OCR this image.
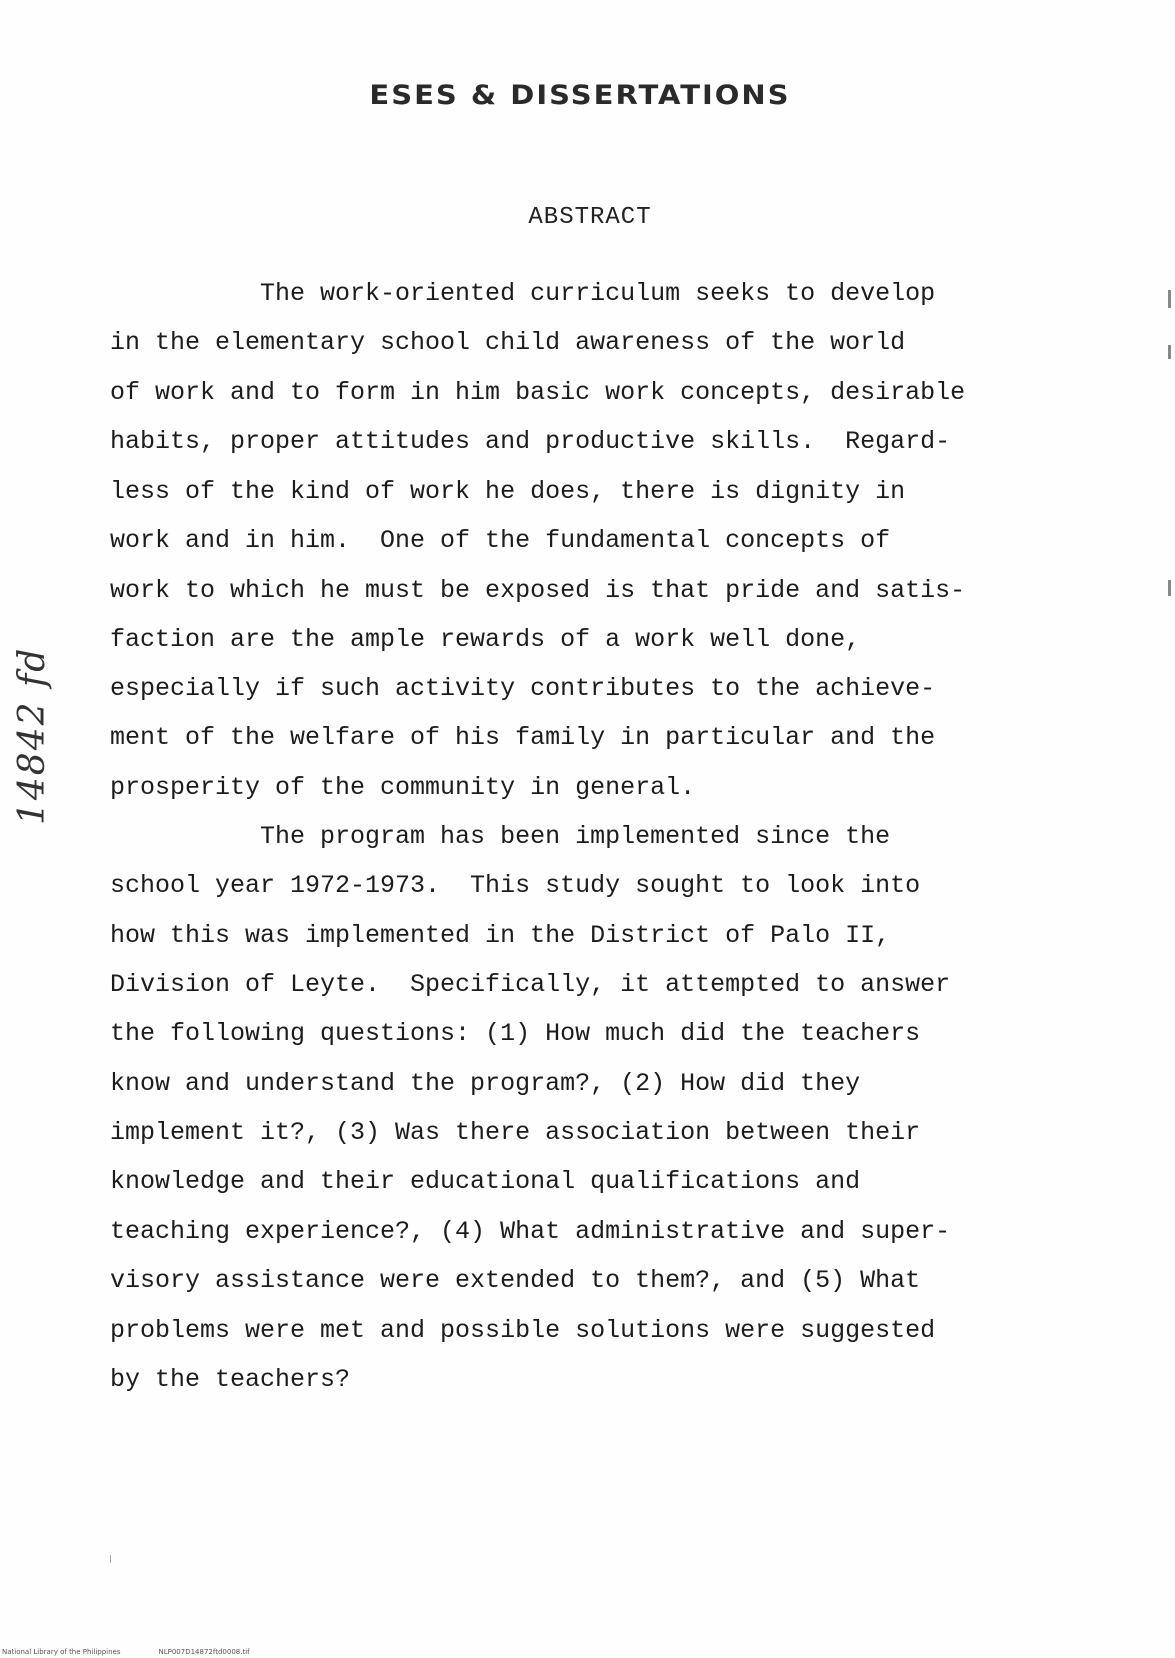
ESES & DISSERTATIONS
ABSTRACT
The work-oriented curriculum seeks to develop
in the elementary school child awareness of the world
of work and to form in him basic work concepts, desirable
habits, proper attitudes and productive skills.  Regard-
less of the kind of work he does, there is dignity in
work and in him.  One of the fundamental concepts of
work to which he must be exposed is that pride and satis-
faction are the ample rewards of a work well done,
especially if such activity contributes to the achieve-
ment of the welfare of his family in particular and the
prosperity of the community in general.
The program has been implemented since the
school year 1972-1973.  This study sought to look into
how this was implemented in the District of Palo II,
Division of Leyte.  Specifically, it attempted to answer
the following questions: (1) How much did the teachers
know and understand the program?, (2) How did they
implement it?, (3) Was there association between their
knowledge and their educational qualifications and
teaching experience?, (4) What administrative and super-
visory assistance were extended to them?, and (5) What
problems were met and possible solutions were suggested
by the teachers?
14842 fd
National Library of the Philippines	NLP007D14872ftd0008.tif
